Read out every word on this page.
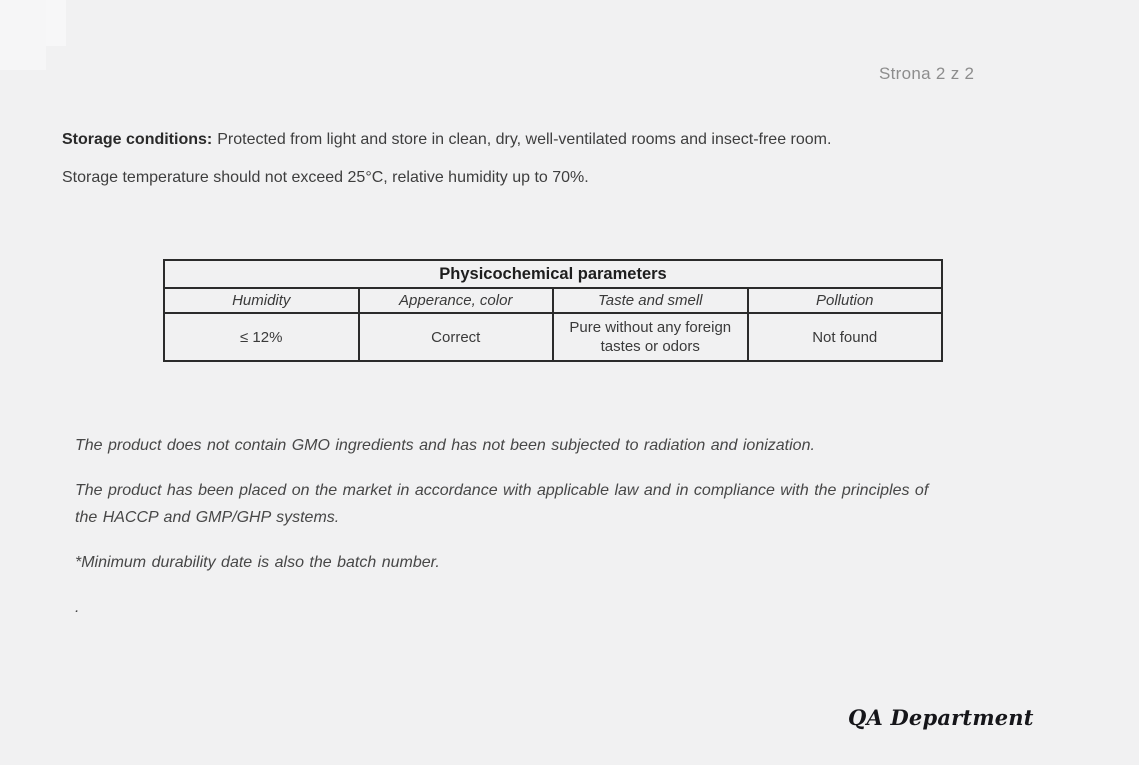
Strona 2 z 2
Storage conditions: Protected from light and store in clean, dry, well-ventilated rooms and insect-free room.
Storage temperature should not exceed 25°C, relative humidity up to 70%.
Physicochemical parameters			
Humidity	Apperance, color	Taste and smell	Pollution
≤ 12%	Correct	Pure without any foreign tastes or odors	Not found

The product does not contain GMO ingredients and has not been subjected to radiation and ionization.

The product has been placed on the market in accordance with applicable law and in compliance with the principles of the HACCP and GMP/GHP systems.

*Minimum durability date is also the batch number.

.

QA Department
